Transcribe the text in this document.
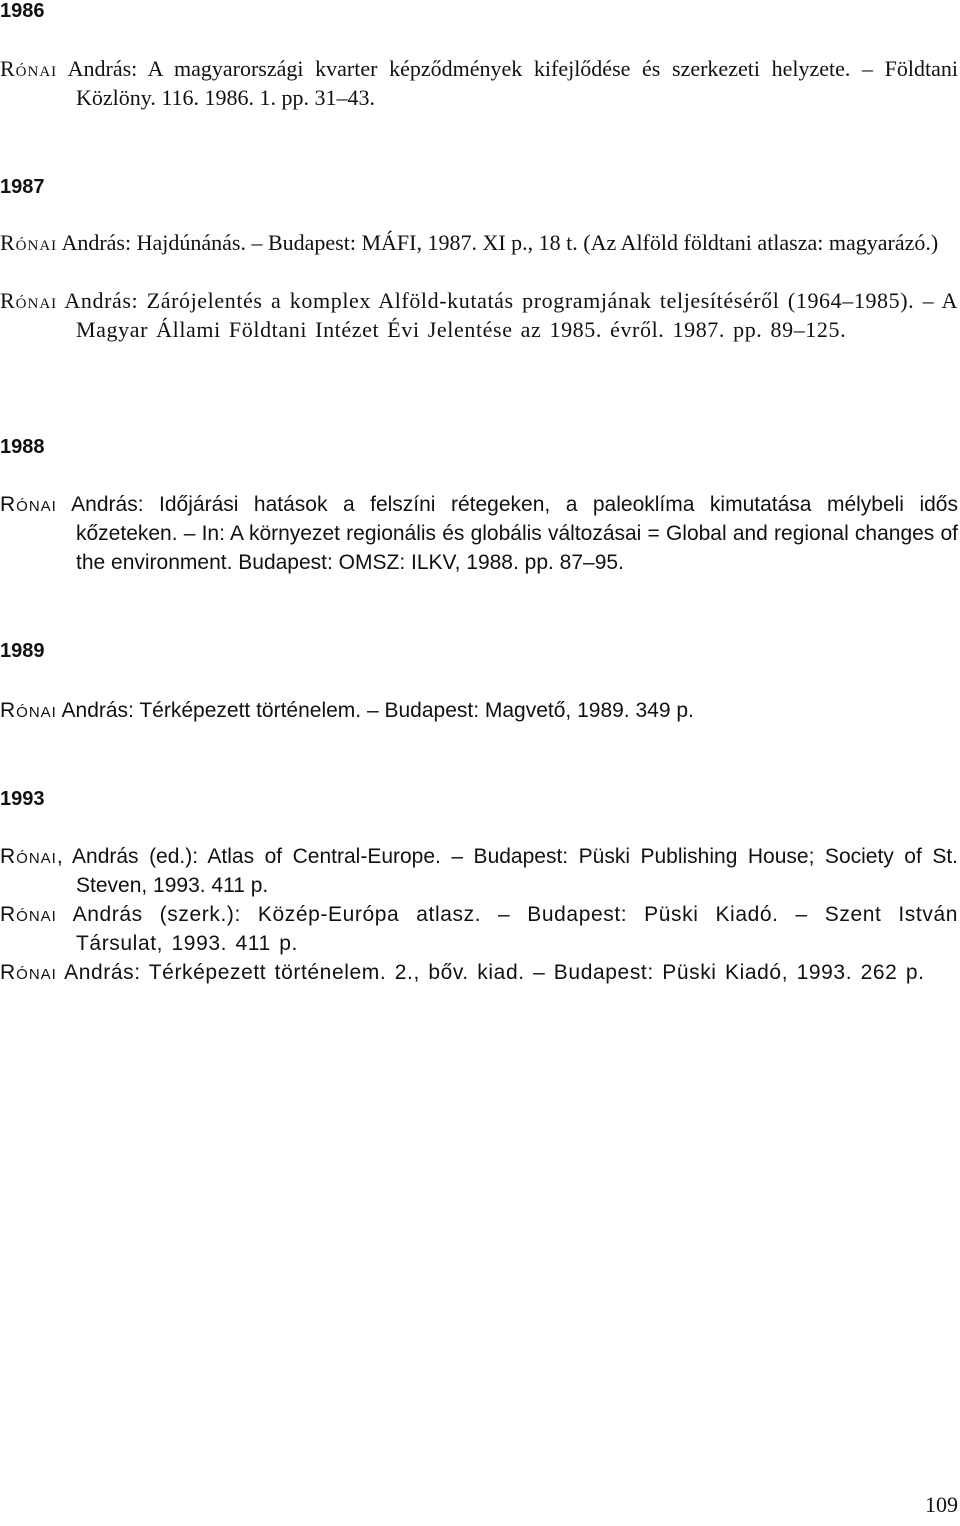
1986
Rónai András: A magyarországi kvarter képződmények kifejlődése és szerkezeti helyzete. – Földtani Közlöny. 116. 1986. 1. pp. 31–43.
1987
Rónai András: Hajdúnánás. – Budapest: MÁFI, 1987. XI p., 18 t. (Az Alföld földtani atlasza: magyarázó.)
Rónai András: Zárójelentés a komplex Alföld-kutatás programjának teljesítéséről (1964–1985). – A Magyar Állami Földtani Intézet Évi Jelentése az 1985. évről. 1987. pp. 89–125.
1988
Rónai András: Időjárási hatások a felszíni rétegeken, a paleoklíma kimutatása mélybeli idős kőzeteken. – In: A környezet regionális és globális változásai = Global and regional changes of the environment. Budapest: OMSZ: ILKV, 1988. pp. 87–95.
1989
Rónai András: Térképezett történelem. – Budapest: Magvető, 1989. 349 p.
1993
Rónai, András (ed.): Atlas of Central-Europe. – Budapest: Püski Publishing House; Society of St. Steven, 1993. 411 p.
Rónai András (szerk.): Közép-Európa atlasz. – Budapest: Püski Kiadó. – Szent István Társulat, 1993. 411 p.
Rónai András: Térképezett történelem. 2., bőv. kiad. – Budapest: Püski Kiadó, 1993. 262 p.
109
